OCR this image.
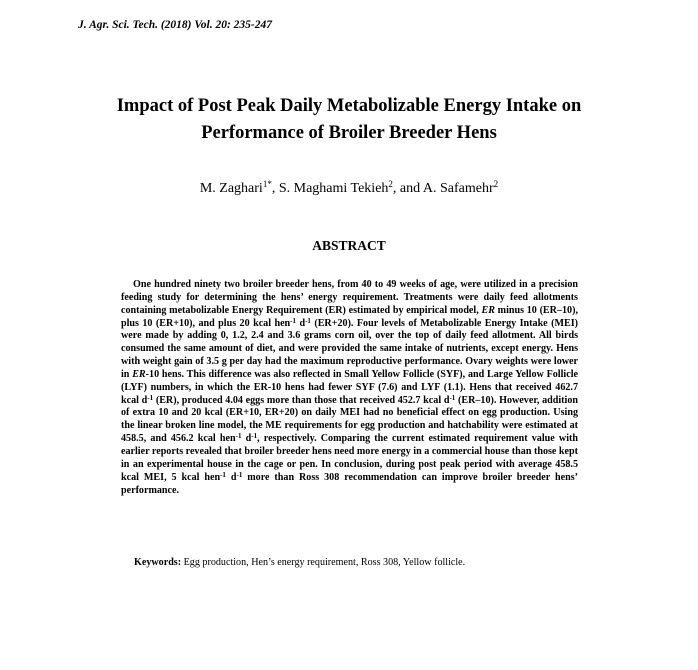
J. Agr. Sci. Tech. (2018) Vol. 20: 235-247
Impact of Post Peak Daily Metabolizable Energy Intake on
Performance of Broiler Breeder Hens
M. Zaghari$^{1*}$, S. Maghami Tekieh$^2$, and A. Safamehr$^2$
ABSTRACT

One hundred ninety two broiler breeder hens, from 40 to 49 weeks of age, were utilized in a precision feeding study for determining the hens’ energy requirement. Treatments were daily feed allotments containing metabolizable Energy Requirement (ER) estimated by empirical model, ER minus 10 (ER–10), plus 10 (ER+10), and plus 20 kcal hen$^{-1}$ $d^{-1}$ (ER+20). Four levels of Metabolizable Energy Intake (MEI) were made by adding 0, 1.2, 2.4 and 3.6 grams corn oil, over the top of daily feed allotment. All birds consumed the same amount of diet, and were provided the same intake of nutrients, except energy. Hens with weight gain of 3.5 g per day had the maximum reproductive performance. Ovary weights were lower in ER-10 hens. This difference was also reflected in Small Yellow Follicle (SYF), and Large Yellow Follicle (LYF) numbers, in which the ER-10 hens had fewer SYF (7.6) and LYF (1.1). Hens that received 462.7 kcal $d^{-1}$ (ER), produced 4.04 eggs more than those that received 452.7 kcal $d^{-1}$ (ER–10). However, addition of extra 10 and 20 kcal (ER+10, ER+20) on daily MEI had no beneficial effect on egg production. Using the linear broken line model, the ME requirements for egg production and hatchability were estimated at 458.5, and 456.2 kcal hen$^{-1}$ $d^{-1}$, respectively. Comparing the current estimated requirement value with earlier reports revealed that broiler breeder hens need more energy in a commercial house than those kept in an experimental house in the cage or pen. In conclusion, during post peak period with average 458.5 kcal MEI, 5 kcal hen$^{-1}$ $d^{-1}$ more than Ross 308 recommendation can improve broiler breeder hens’ performance.

Keywords: Egg production, Hen’s energy requirement, Ross 308, Yellow follicle.
